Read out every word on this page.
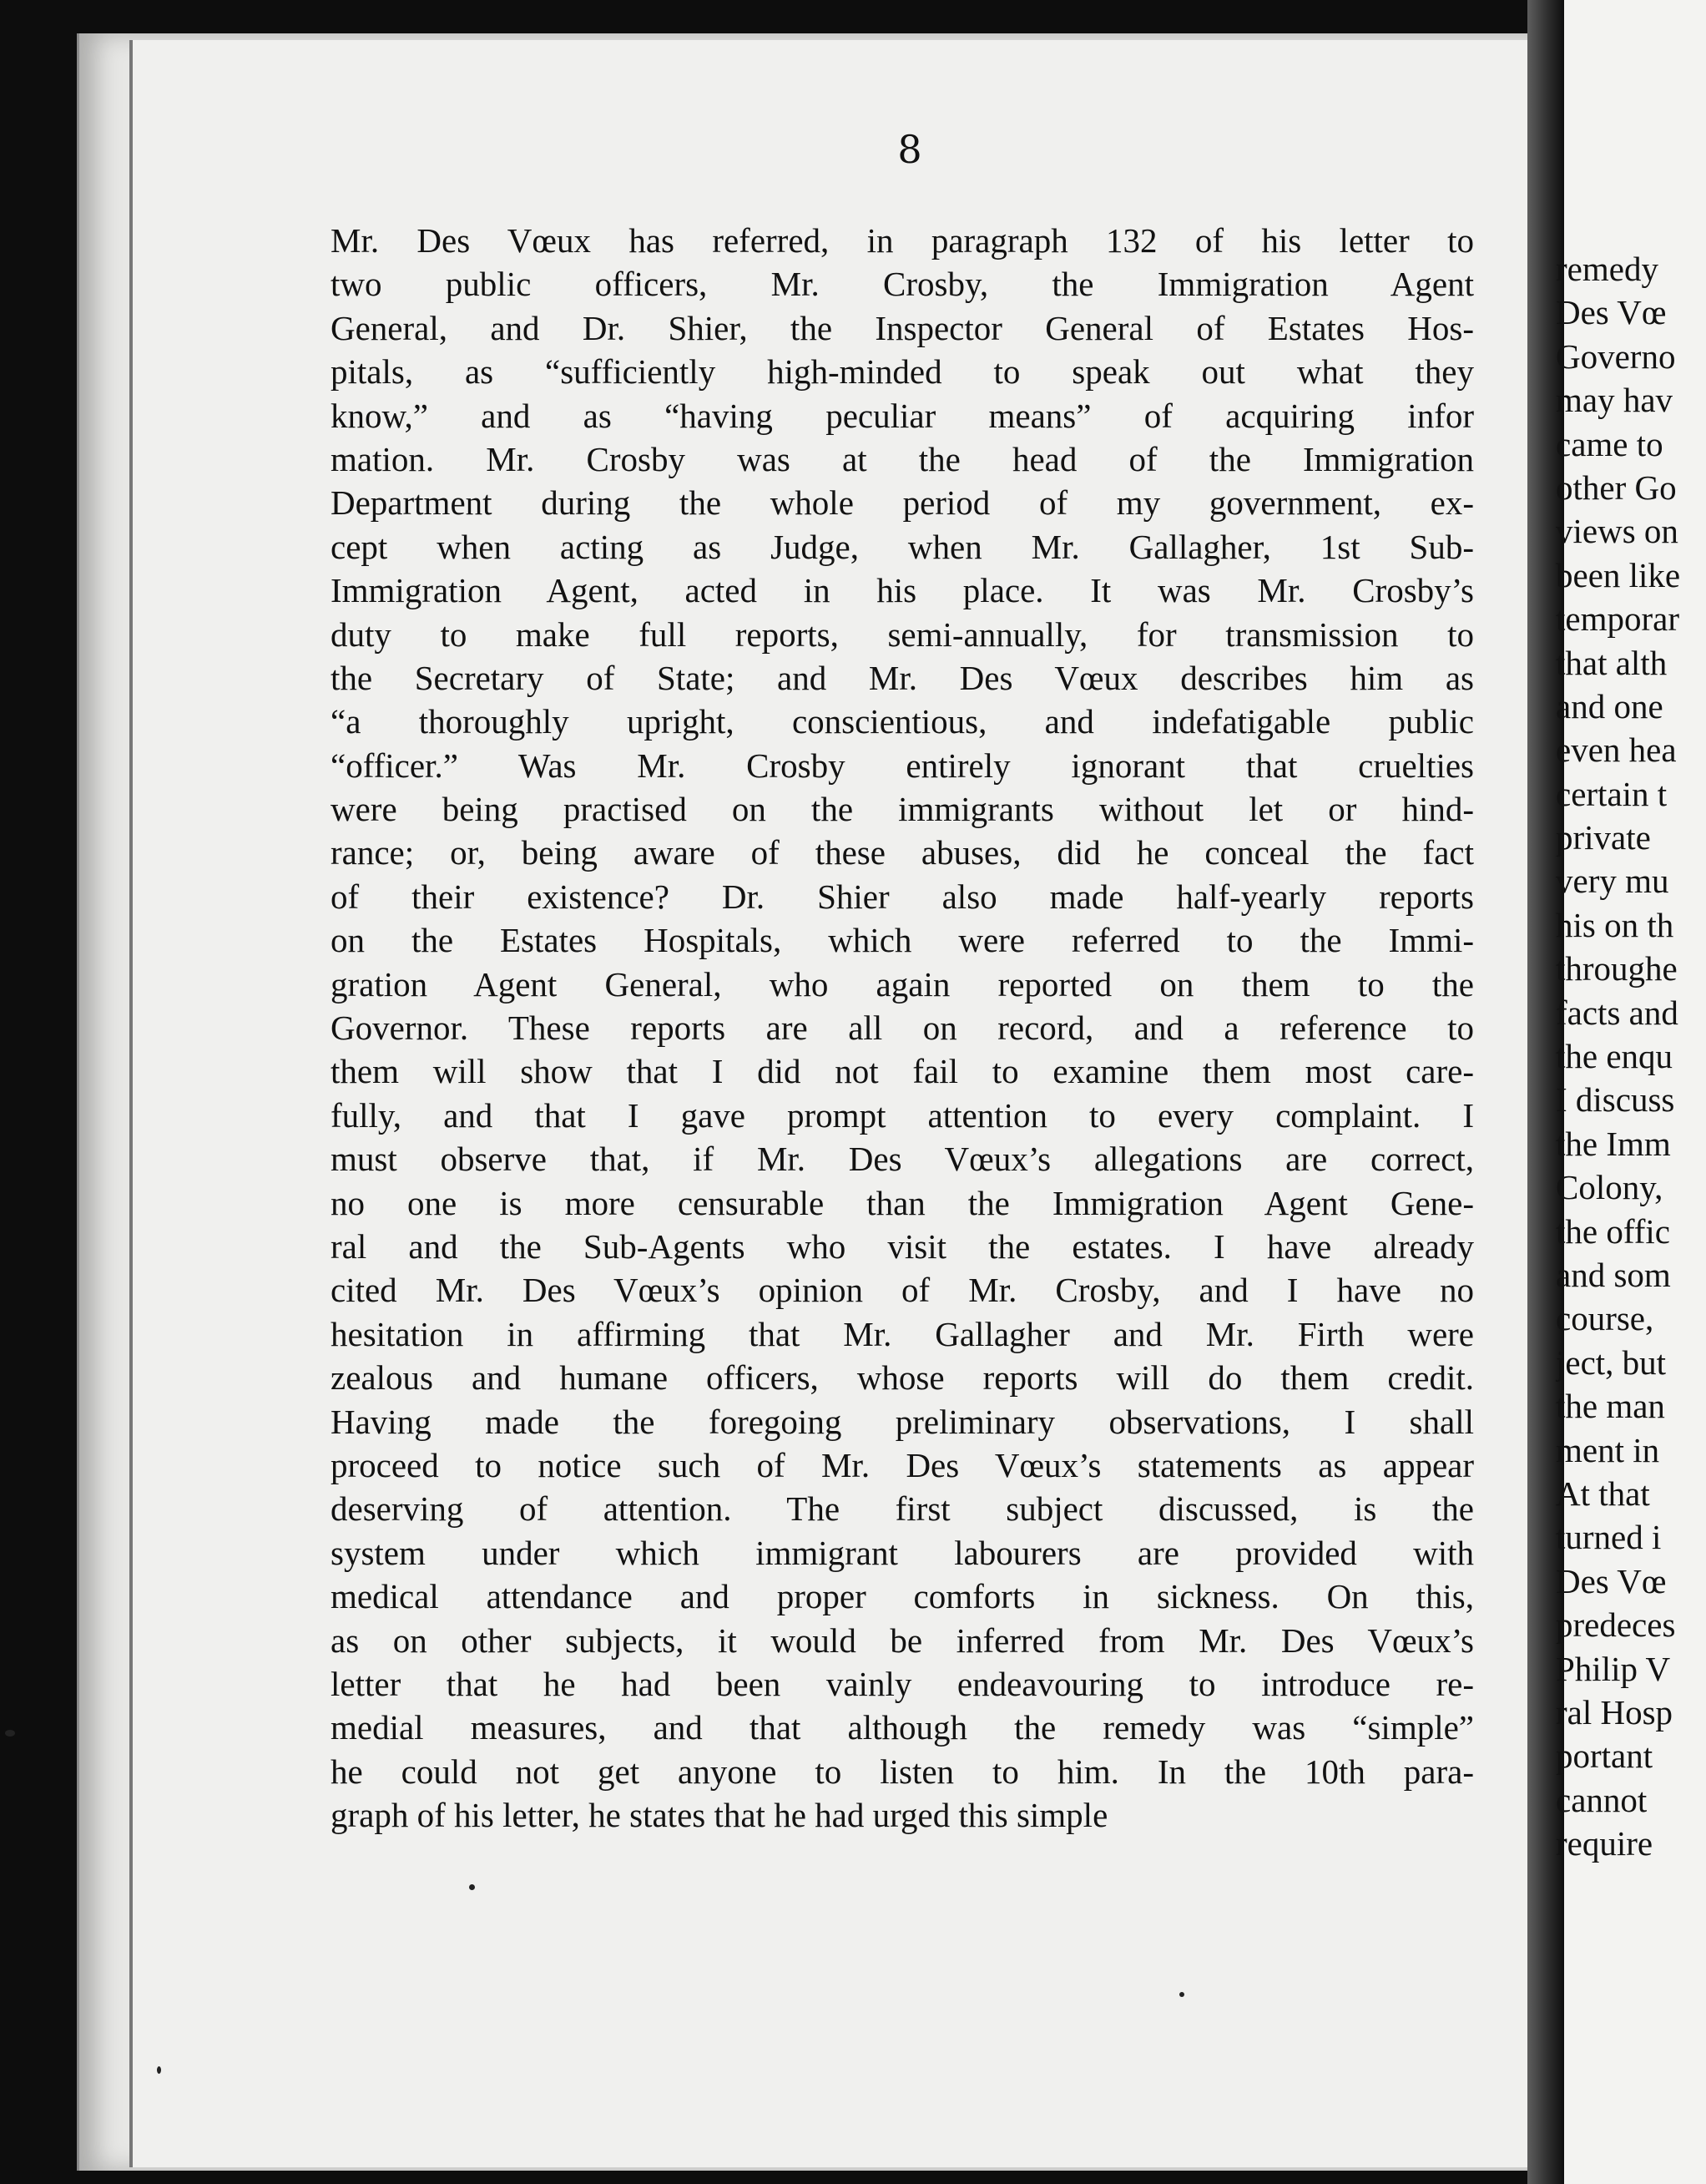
8
Mr. Des Vœux has referred, in paragraph 132 of his letter to
two public officers, Mr. Crosby, the Immigration Agent
General, and Dr. Shier, the Inspector General of Estates Hos-
pitals, as “sufficiently high-minded to speak out what they
know,” and as “having peculiar means” of acquiring infor
mation. Mr. Crosby was at the head of the Immigration
Department during the whole period of my government, ex-
cept when acting as Judge, when Mr. Gallagher, 1st Sub-
Immigration Agent, acted in his place. It was Mr. Crosby’s
duty to make full reports, semi-annually, for transmission to
the Secretary of State; and Mr. Des Vœux describes him as
“a thoroughly upright, conscientious, and indefatigable public
“officer.” Was Mr. Crosby entirely ignorant that cruelties
were being practised on the immigrants without let or hind-
rance; or, being aware of these abuses, did he conceal the fact
of their existence? Dr. Shier also made half-yearly reports
on the Estates Hospitals, which were referred to the Immi-
gration Agent General, who again reported on them to the
Governor. These reports are all on record, and a reference to
them will show that I did not fail to examine them most care-
fully, and that I gave prompt attention to every complaint. I
must observe that, if Mr. Des Vœux’s allegations are correct,
no one is more censurable than the Immigration Agent Gene-
ral and the Sub-Agents who visit the estates. I have already
cited Mr. Des Vœux’s opinion of Mr. Crosby, and I have no
hesitation in affirming that Mr. Gallagher and Mr. Firth were
zealous and humane officers, whose reports will do them credit.
Having made the foregoing preliminary observations, I shall
proceed to notice such of Mr. Des Vœux’s statements as appear
deserving of attention. The first subject discussed, is the
system under which immigrant labourers are provided with
medical attendance and proper comforts in sickness. On this,
as on other subjects, it would be inferred from Mr. Des Vœux’s
letter that he had been vainly endeavouring to introduce re-
medial measures, and that although the remedy was “simple”
he could not get anyone to listen to him. In the 10th para-
graph of his letter, he states that he had urged this simple
remedy
Des Vœ
Governo
may hav
came to
other Go
views on
been like
temporar
that alth
and one
even hea
certain t
private
very mu
his on th
throughe
facts and
the enqu
I discuss
the Imm
Colony,
the offic
and som
course,
ject, but
the man
ment in
At that
turned i
Des Vœ
predeces
Philip V
ral Hosp
portant
cannot
require
